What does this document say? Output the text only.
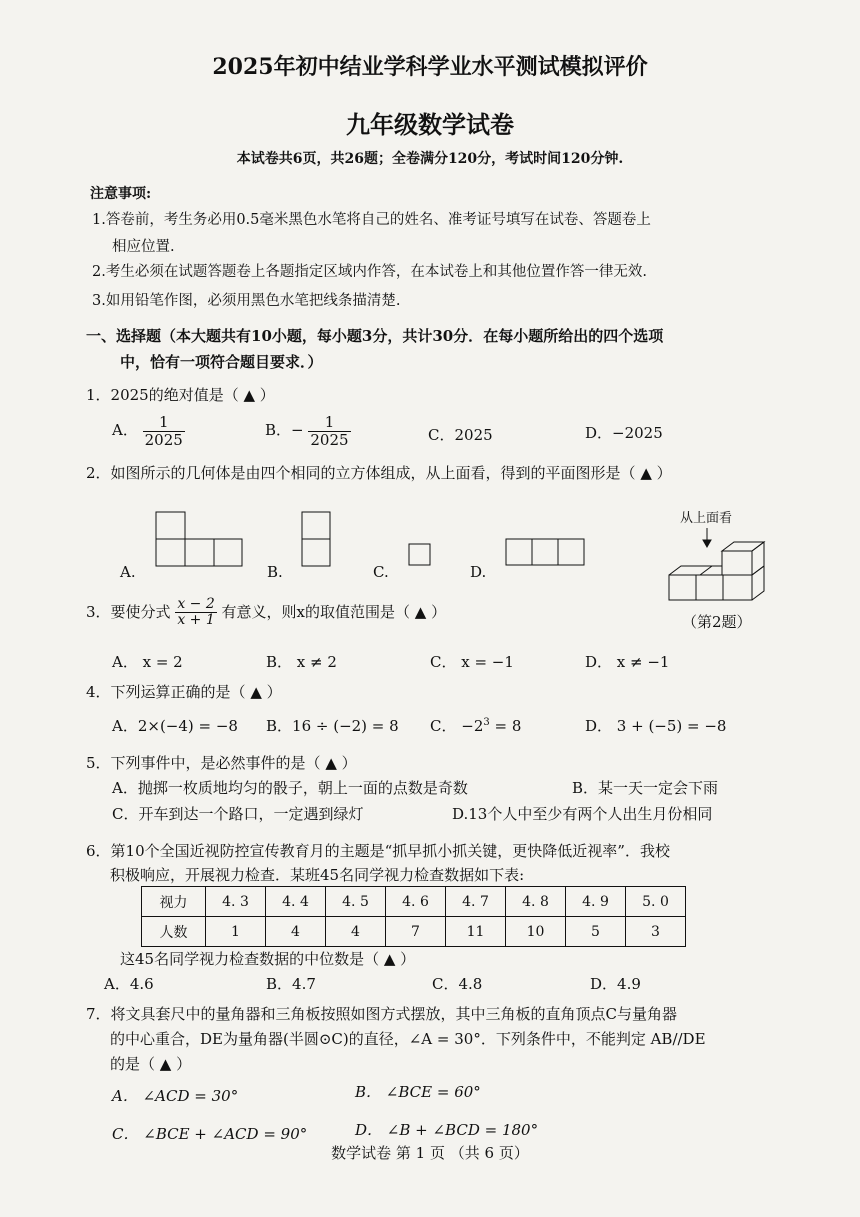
2025年初中结业学科学业水平测试模拟评价
九年级数学试卷
本试卷共6页，共26题；全卷满分120分，考试时间120分钟.
注意事项:
1.答卷前，考生务必用0.5毫米黑色水笔将自己的姓名、准考证号填写在试卷、答题卷上
相应位置.
2.考生必须在试题答题卷上各题指定区域内作答，在本试卷上和其他位置作答一律无效.
3.如用铅笔作图，必须用黑色水笔把线条描清楚.
一、选择题（本大题共有10小题，每小题3分，共计30分．在每小题所给出的四个选项
中，恰有一项符合题目要求．）
1．2025的绝对值是（ ▲ ）
A． $\frac{1}{2025}$	B．− $\frac{1}{2025}$	C．2025	D．−2025
2．如图所示的几何体是由四个相同的立方体组成，从上面看，得到的平面图形是（ ▲ ）
A.	B.	C.	D.
从上面看
（第2题）
3．要使分式 $\frac{x - 2}{x + 1}$ 有意义，则x的取值范围是（ ▲ ）
A． x = 2	B． x ≠ 2	C． x = −1	D． x ≠ −1
4．下列运算正确的是（ ▲ ）
A．2×(−4) = −8 B．16 ÷ (−2) = 8 C． $-2^3 = 8$	D． 3 + (−5) = −8
5．下列事件中，是必然事件的是（ ▲ ）
A．抛掷一枚质地均匀的骰子，朝上一面的点数是奇数	B．某一天一定会下雨
C．开车到达一个路口，一定遇到绿灯	D.13个人中至少有两个人出生月份相同
6．第10个全国近视防控宣传教育月的主题是“抓早抓小抓关键，更快降低近视率”．我校
积极响应，开展视力检查．某班45名同学视力检查数据如下表:
视力	4. 3	4. 4	4. 5	4. 6	4. 7	4. 8	4. 9	5. 0
人数	1	4	4	7	11	10	5	3
这45名同学视力检查数据的中位数是（ ▲ ）
A．4.6	B．4.7	C．4.8	D．4.9
7．将文具套尺中的量角器和三角板按照如图方式摆放，其中三角板的直角顶点C与量角器
的中心重合，DE为量角器(半圆⊙C)的直径，∠A = 30°．下列条件中，不能判定 AB//DE
的是（ ▲ ）
A． ∠ACD = 30°	B． ∠BCE = 60°
C． ∠BCE + ∠ACD = 90°	D． ∠B + ∠BCD = 180°
数学试卷 第 1 页 （共 6 页）
